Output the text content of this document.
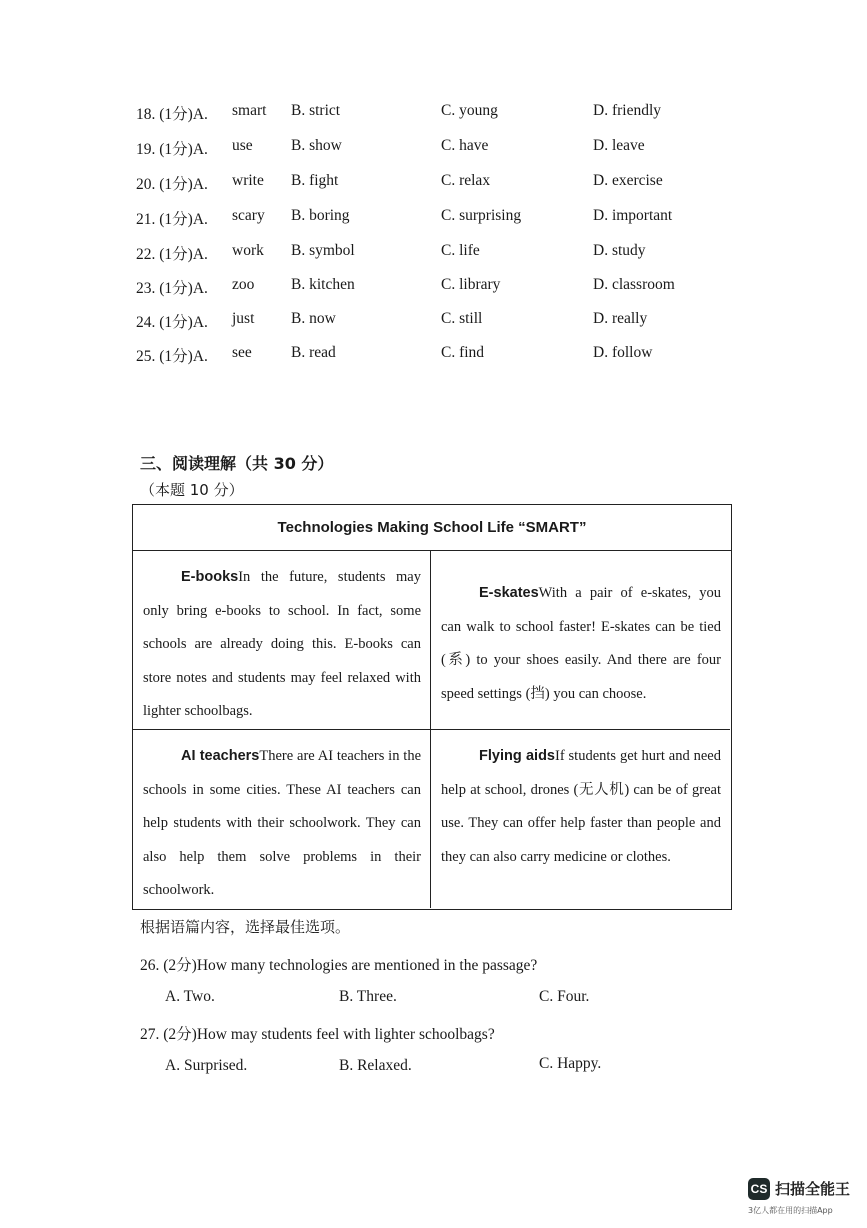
18. (1分)A. smart B. strict	C. young	D. friendly
19. (1分)A. use B. show	C. have	D. leave
20. (1分)A. write B. fight	C. relax	D. exercise
21. (1分)A. scary B. boring	C. surprising	D. important
22. (1分)A. work B. symbol	C. life	D. study
23. (1分)A. zoo B. kitchen	C. library	D. classroom
24. (1分)A. just B. now	C. still	D. really
25. (1分)A. see	B. read	C. find	D. follow
三、阅读理解（共 30 分）
（本题 10 分）
Technologies Making School Life “SMART”
E-booksIn the future, students may only bring e-books to school. In fact, some schools are already doing this. E-books can store notes and students may feel relaxed with lighter schoolbags.
E-skatesWith a pair of e-skates, you can walk to school faster! E-skates can be tied (系) to your shoes easily. And there are four speed settings (挡) you can choose.
AI teachersThere are AI teachers in the schools in some cities. These AI teachers can help students with their schoolwork. They can also help them solve problems in their schoolwork.
Flying aidsIf students get hurt and need help at school, drones (无人机) can be of great use. They can offer help faster than people and they can also carry medicine or clothes.
根据语篇内容，选择最佳选项。
26. (2分)How many technologies are mentioned in the passage?
A. Two.	B. Three.	C. Four.
27. (2分)How may students feel with lighter schoolbags?
A. Surprised.	B. Relaxed.	C. Happy.
CS 扫描全能王
3亿人都在用的扫描App
